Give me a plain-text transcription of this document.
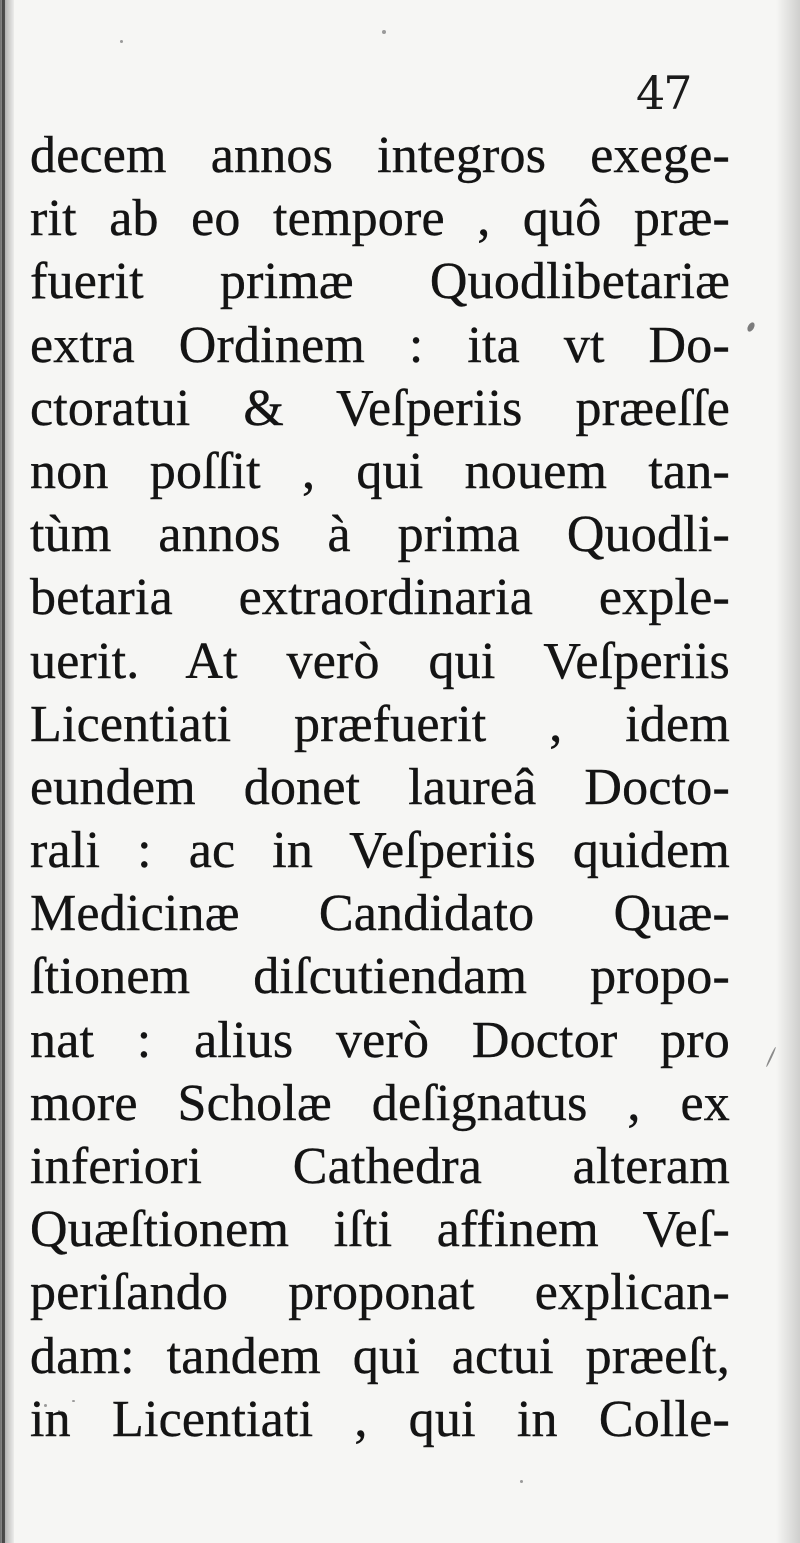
47
decem annos integros exege-
rit ab eo tempore , quô præ-
fuerit primæ Quodlibetariæ
extra Ordinem : ita vt Do-
ctoratui & Veſperiis præeſſe
non poſſit , qui nouem tan-
tùm annos à prima Quodli-
betaria extraordinaria exple-
uerit. At verò qui Veſperiis
Licentiati præfuerit , idem
eundem donet laureâ Docto-
rali : ac in Veſperiis quidem
Medicinæ Candidato Quæ-
ſtionem diſcutiendam propo-
nat : alius verò Doctor pro
more Scholæ deſignatus , ex
inferiori Cathedra alteram
Quæſtionem iſti affinem Veſ-
periſando proponat explican-
dam: tandem qui actui præeſt,
in Licentiati , qui in Colle-
